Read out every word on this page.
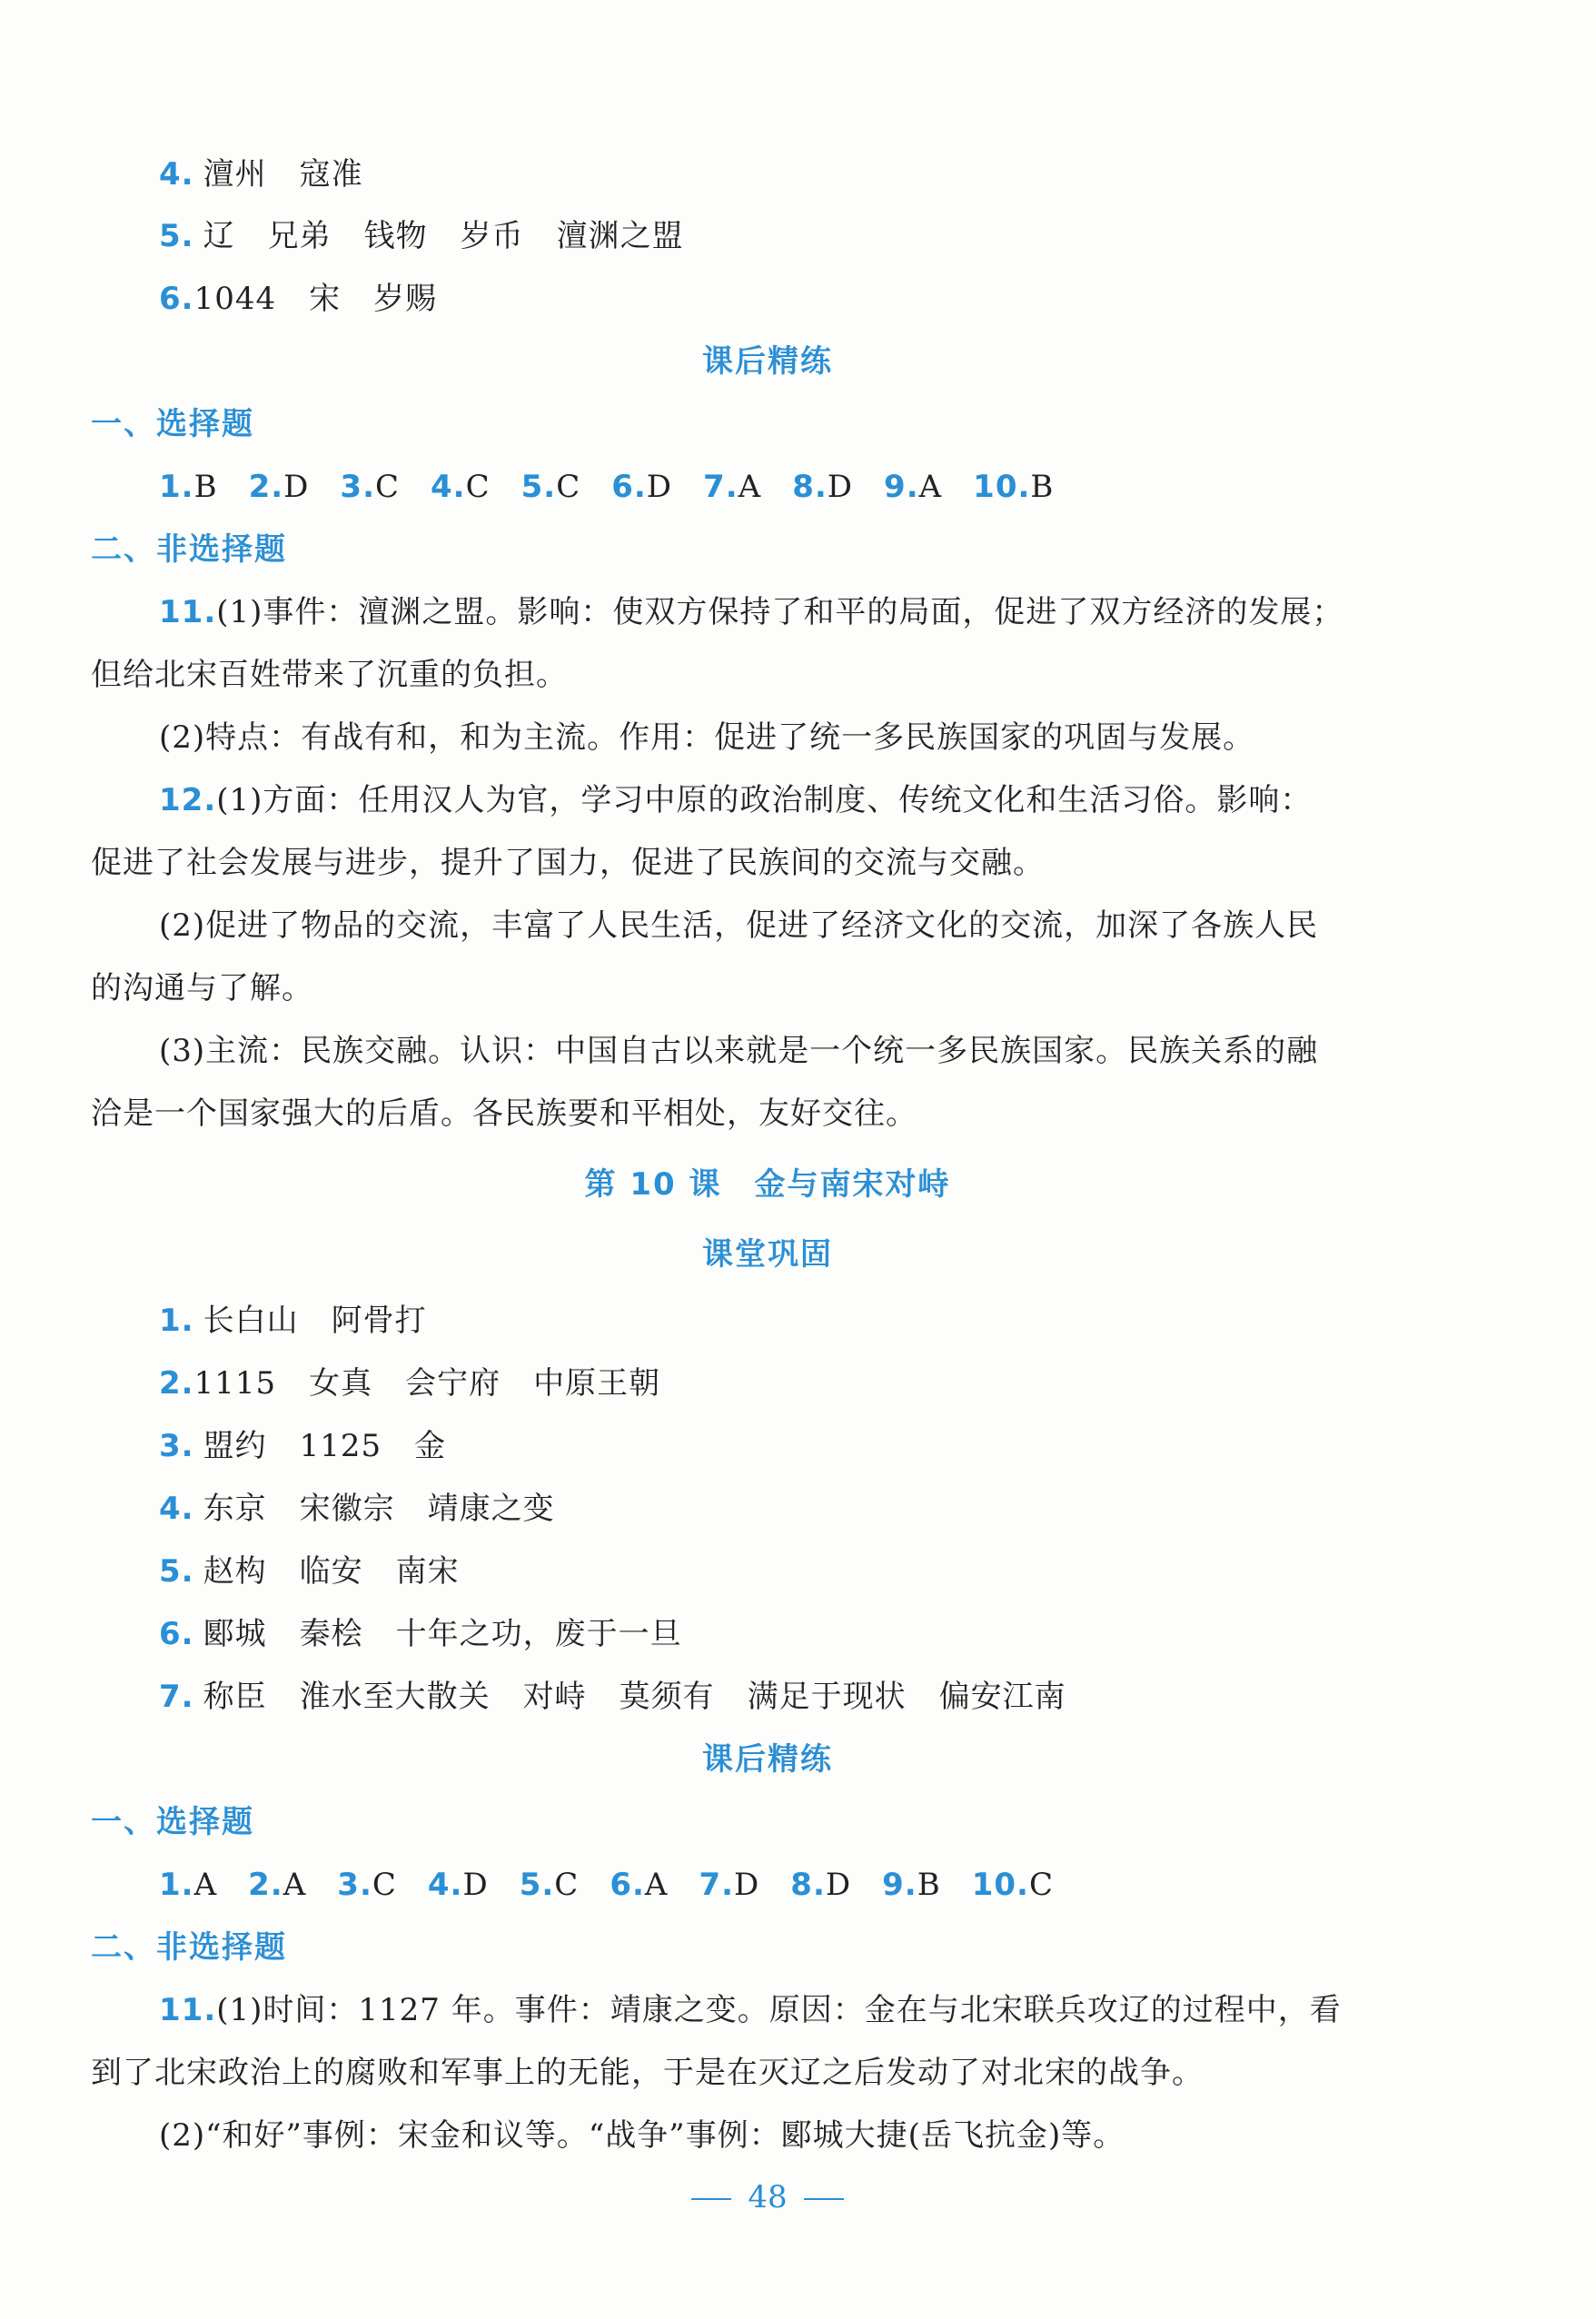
4. 澶州 寇准
5. 辽 兄弟 钱物 岁币 澶渊之盟
6.1044 宋 岁赐
课后精练
一、选择题
1.B 2.D 3.C 4.C 5.C 6.D 7.A 8.D 9.A 10.B
二、非选择题
11.(1)事件：澶渊之盟。影响：使双方保持了和平的局面，促进了双方经济的发展；
但给北宋百姓带来了沉重的负担。
(2)特点：有战有和，和为主流。作用：促进了统一多民族国家的巩固与发展。
12.(1)方面：任用汉人为官，学习中原的政治制度、传统文化和生活习俗。影响：
促进了社会发展与进步，提升了国力，促进了民族间的交流与交融。
(2)促进了物品的交流，丰富了人民生活，促进了经济文化的交流，加深了各族人民
的沟通与了解。
(3)主流：民族交融。认识：中国自古以来就是一个统一多民族国家。民族关系的融
洽是一个国家强大的后盾。各民族要和平相处，友好交往。
第 10 课　金与南宋对峙
课堂巩固
1. 长白山 阿骨打
2.1115 女真 会宁府 中原王朝
3. 盟约 1125 金
4. 东京 宋徽宗 靖康之变
5. 赵构 临安 南宋
6. 郾城 秦桧 十年之功，废于一旦
7. 称臣 淮水至大散关 对峙 莫须有 满足于现状 偏安江南
课后精练
一、选择题
1.A 2.A 3.C 4.D 5.C 6.A 7.D 8.D 9.B 10.C
二、非选择题
11.(1)时间：1127 年。事件：靖康之变。原因：金在与北宋联兵攻辽的过程中，看
到了北宋政治上的腐败和军事上的无能，于是在灭辽之后发动了对北宋的战争。
(2)“和好”事例：宋金和议等。“战争”事例：郾城大捷(岳飞抗金)等。
48
